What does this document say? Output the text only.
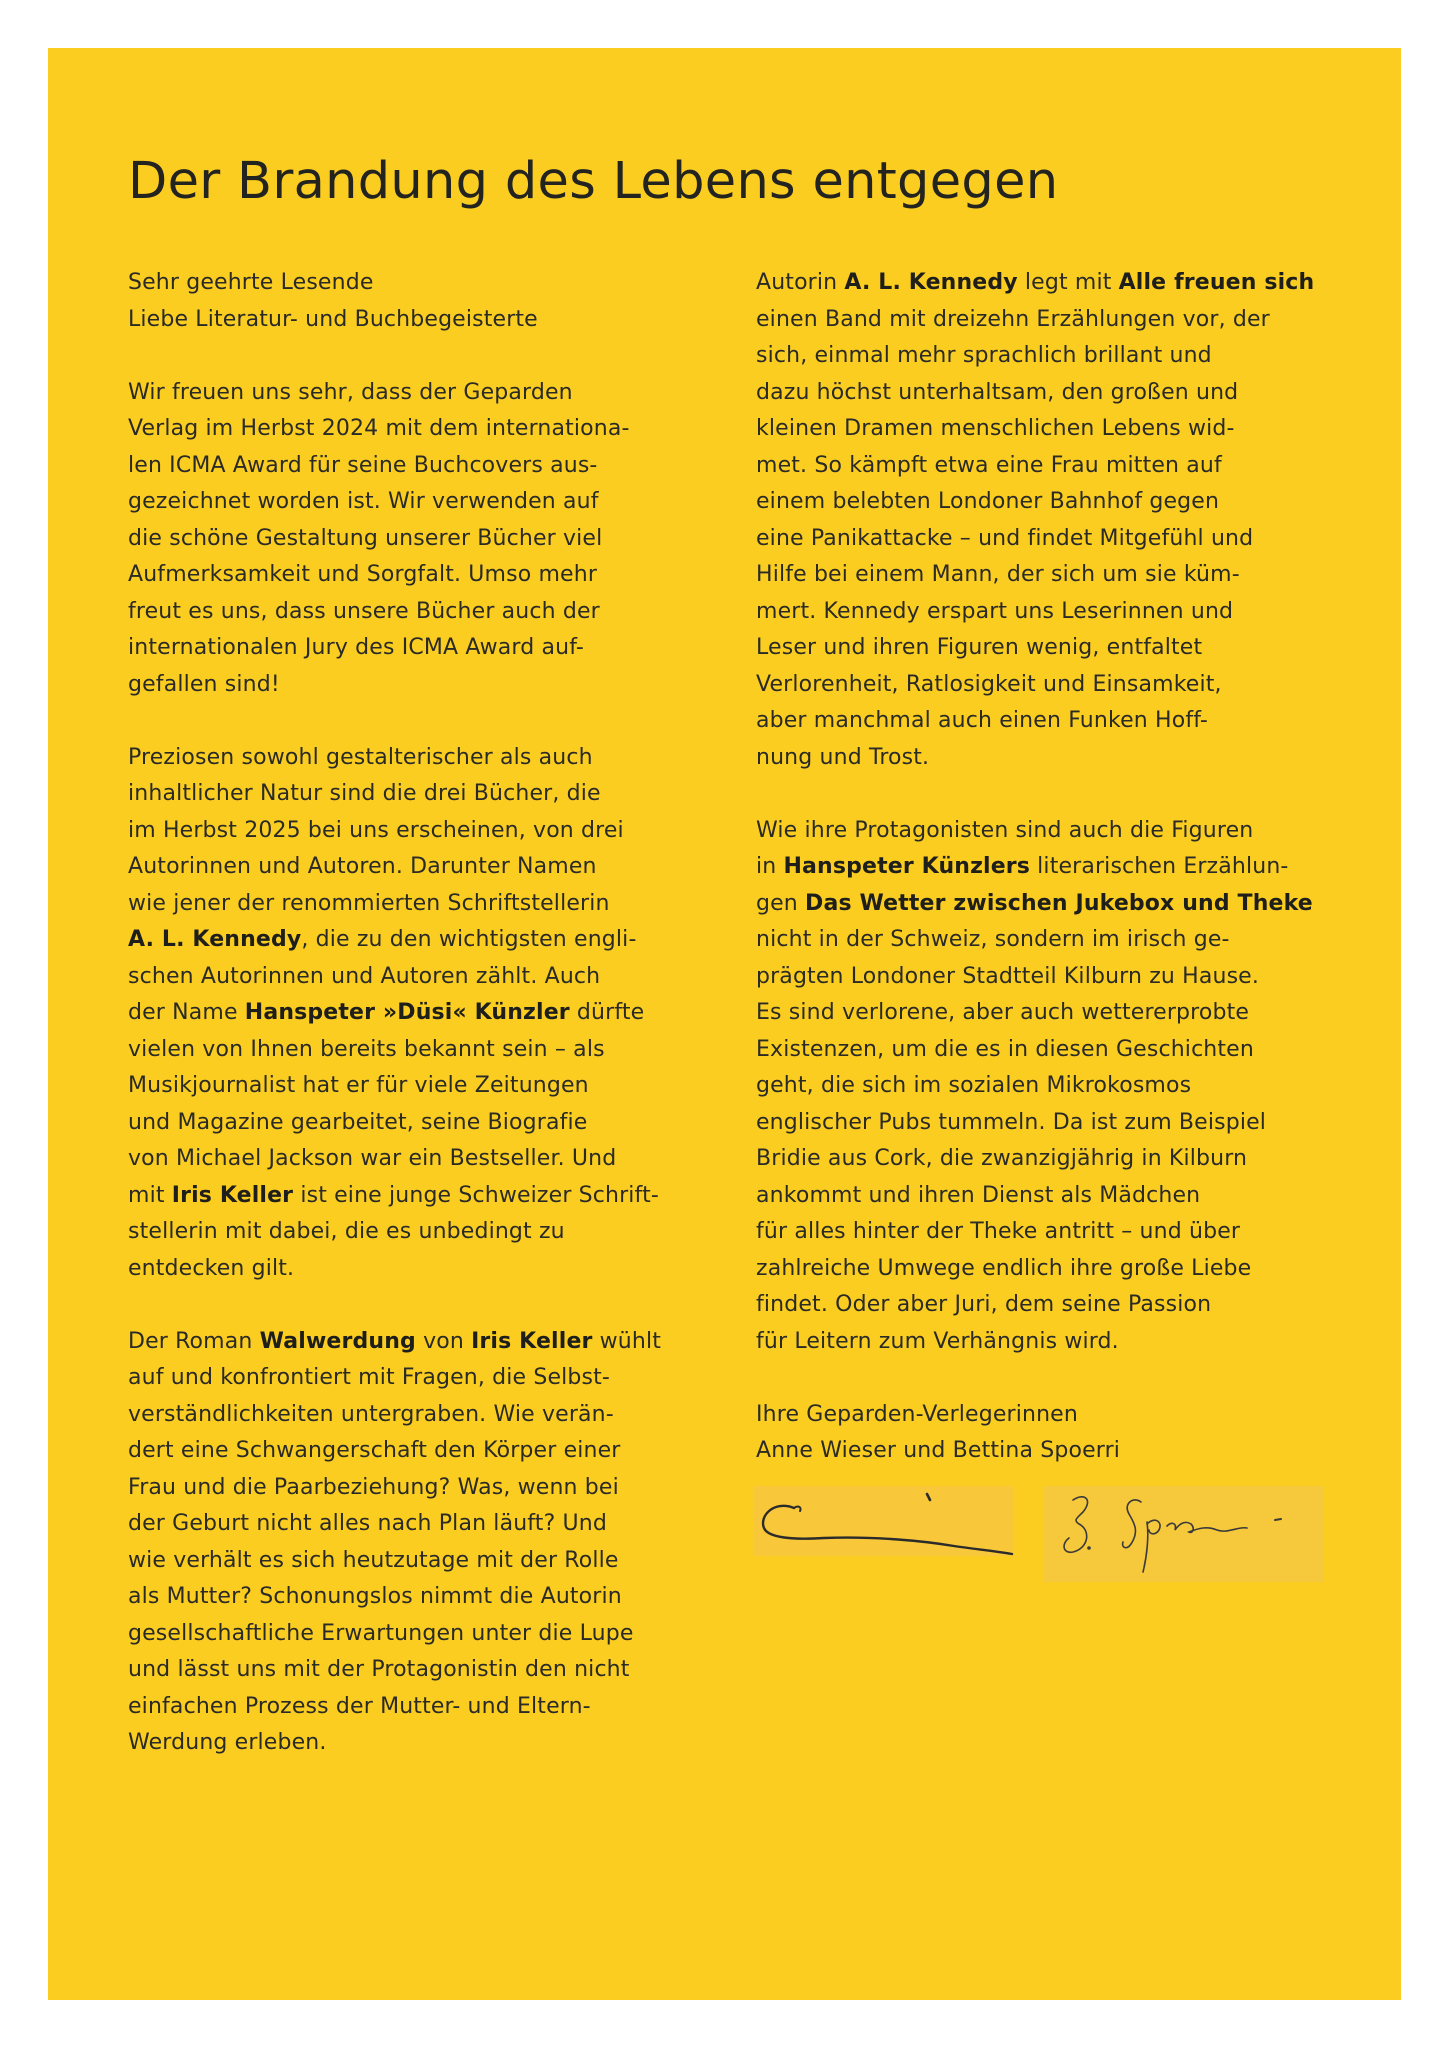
Der Brandung des Lebens entgegen
Sehr geehrte Lesende
Liebe Literatur- und Buchbegeisterte
Wir freuen uns sehr, dass der Geparden
Verlag im Herbst 2024 mit dem internationa-
len ICMA Award für seine Buchcovers aus-
gezeichnet worden ist. Wir verwenden auf
die schöne Gestaltung unserer Bücher viel
Aufmerksamkeit und Sorgfalt. Umso mehr
freut es uns, dass unsere Bücher auch der
internationalen Jury des ICMA Award auf-
gefallen sind!
Preziosen sowohl gestalterischer als auch
inhaltlicher Natur sind die drei Bücher, die
im Herbst 2025 bei uns erscheinen, von drei
Autorinnen und Autoren. Darunter Namen
wie jener der renommierten Schriftstellerin
A. L. Kennedy, die zu den wichtigsten engli-
schen Autorinnen und Autoren zählt. Auch
der Name Hanspeter »Düsi« Künzler dürfte
vielen von Ihnen bereits bekannt sein – als
Musikjournalist hat er für viele Zeitungen
und Magazine gearbeitet, seine Biografie
von Michael Jackson war ein Bestseller. Und
mit Iris Keller ist eine junge Schweizer Schrift-
stellerin mit dabei, die es unbedingt zu
entdecken gilt.
Der Roman Walwerdung von Iris Keller wühlt
auf und konfrontiert mit Fragen, die Selbst-
verständlichkeiten untergraben. Wie verän-
dert eine Schwangerschaft den Körper einer
Frau und die Paarbeziehung? Was, wenn bei
der Geburt nicht alles nach Plan läuft? Und
wie verhält es sich heutzutage mit der Rolle
als Mutter? Schonungslos nimmt die Autorin
gesellschaftliche Erwartungen unter die Lupe
und lässt uns mit der Protagonistin den nicht
einfachen Prozess der Mutter- und Eltern-
Werdung erleben.
Autorin A. L. Kennedy legt mit Alle freuen sich
einen Band mit dreizehn Erzählungen vor, der
sich, einmal mehr sprachlich brillant und
dazu höchst unterhaltsam, den großen und
kleinen Dramen menschlichen Lebens wid-
met. So kämpft etwa eine Frau mitten auf
einem belebten Londoner Bahnhof gegen
eine Panikattacke – und findet Mitgefühl und
Hilfe bei einem Mann, der sich um sie küm-
mert. Kennedy erspart uns Leserinnen und
Leser und ihren Figuren wenig, entfaltet
Verlorenheit, Ratlosigkeit und Einsamkeit,
aber manchmal auch einen Funken Hoff-
nung und Trost.
Wie ihre Protagonisten sind auch die Figuren
in Hanspeter Künzlers literarischen Erzählun-
gen Das Wetter zwischen Jukebox und Theke
nicht in der Schweiz, sondern im irisch ge-
prägten Londoner Stadtteil Kilburn zu Hause.
Es sind verlorene, aber auch wettererprobte
Existenzen, um die es in diesen Geschichten
geht, die sich im sozialen Mikrokosmos
englischer Pubs tummeln. Da ist zum Beispiel
Bridie aus Cork, die zwanzigjährig in Kilburn
ankommt und ihren Dienst als Mädchen
für alles hinter der Theke antritt – und über
zahlreiche Umwege endlich ihre große Liebe
findet. Oder aber Juri, dem seine Passion
für Leitern zum Verhängnis wird.
Ihre Geparden-Verlegerinnen
Anne Wieser und Bettina Spoerri
